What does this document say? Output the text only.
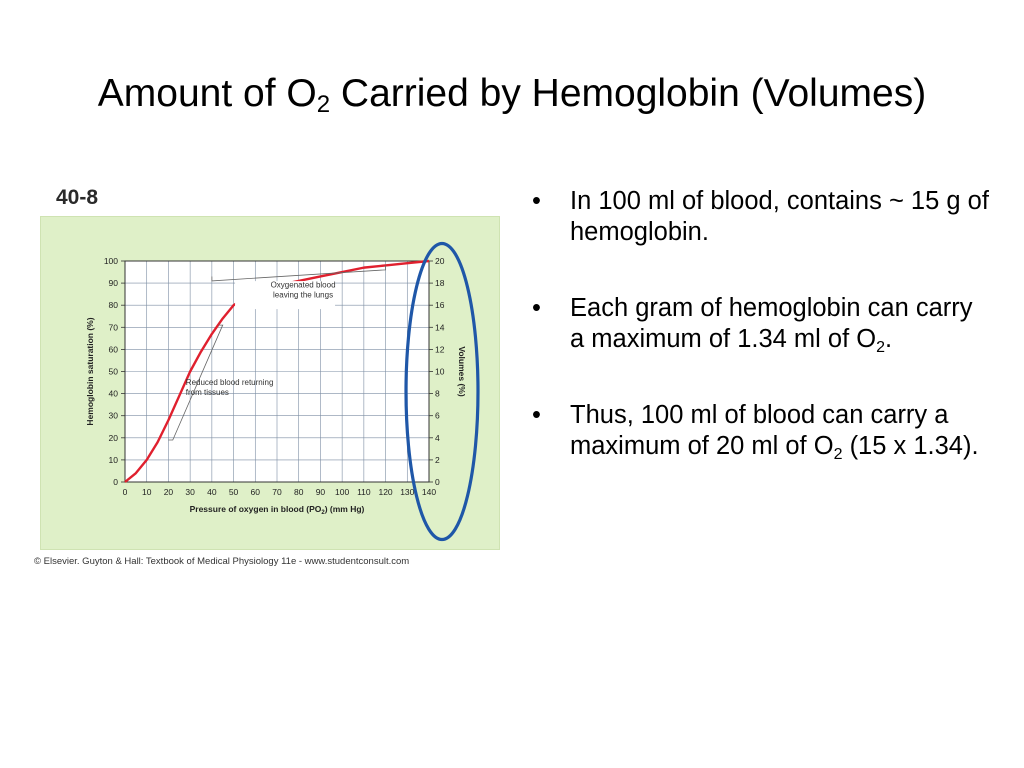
Amount of $O_2$ Carried by Hemoglobin (Volumes)
40-8
0 10 20 30 40 50 60 70 80 90 100 110 120 130 140
0
10
20
30
40
50
60
70
80
90
100
0
2
4
6
8
10
12
14
16
18
20
Pressure of oxygen in blood $(PO_2)$ (mm Hg)
Hemoglobin saturation (%)	Volumes (%)
Oxygenated blood
leaving the lungs
Reduced blood returning
from tissues
© Elsevier. Guyton & Hall: Textbook of Medical Physiology 11e - www.studentconsult.com
• In 100 ml of blood, contains ~ 15 g of hemoglobin.
• Each gram of hemoglobin can carry a maximum of 1.34 ml of $O_2$.
• Thus, 100 ml of blood can carry a maximum of 20 ml of $O_2$ (15 x 1.34).
